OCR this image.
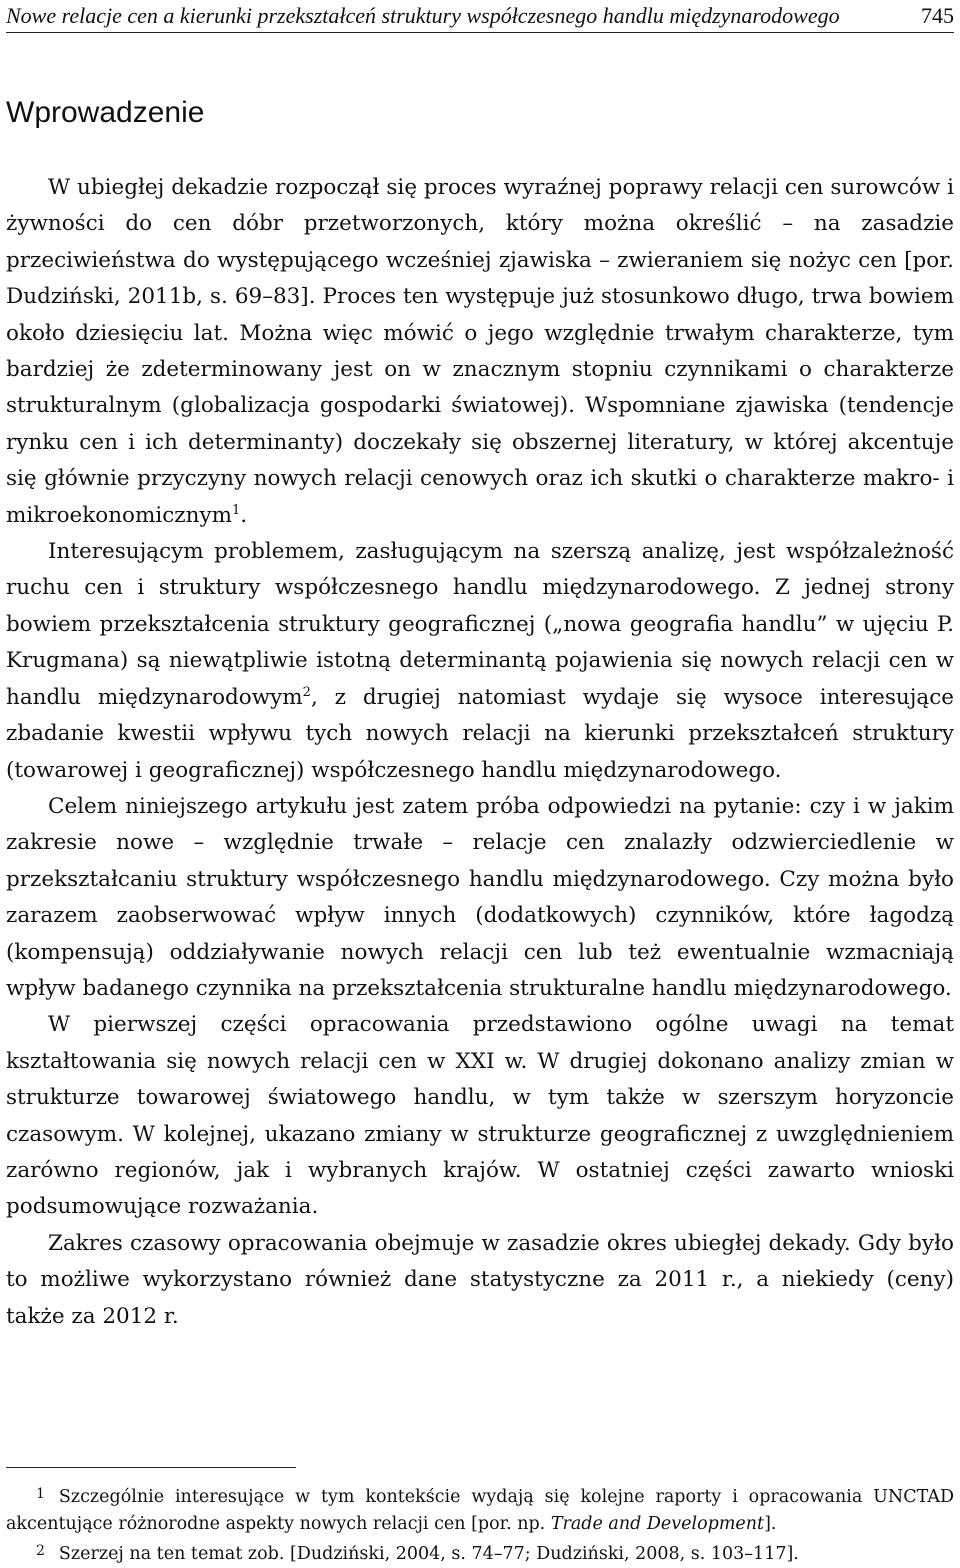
Nowe relacje cen a kierunki przekształceń struktury współczesnego handlu międzynarodowego	745
Wprowadzenie

W ubiegłej dekadzie rozpoczął się proces wyraźnej poprawy relacji cen surowców i żywności do cen dóbr przetworzonych, który można określić – na zasadzie przeciwieństwa do występującego wcześniej zjawiska – zwieraniem się nożyc cen [por. Dudziński, 2011b, s. 69–83]. Proces ten występuje już stosunkowo długo, trwa bowiem około dziesięciu lat. Można więc mówić o jego względnie trwałym charakterze, tym bardziej że zdeterminowany jest on w znacznym stopniu czynnikami o charakterze strukturalnym (globalizacja gospodarki światowej). Wspomniane zjawiska (tendencje rynku cen i ich determinanty) doczekały się obszernej literatury, w której akcentuje się głównie przyczyny nowych relacji cenowych oraz ich skutki o charakterze makro- i mikroekonomicznym$^1$.

Interesującym problemem, zasługującym na szerszą analizę, jest współzależność ruchu cen i struktury współczesnego handlu międzynarodowego. Z jednej strony bowiem przekształcenia struktury geograficznej („nowa geografia handlu” w ujęciu P. Krugmana) są niewątpliwie istotną determinantą pojawienia się nowych relacji cen w handlu międzynarodowym$^2$, z drugiej natomiast wydaje się wysoce interesujące zbadanie kwestii wpływu tych nowych relacji na kierunki przekształceń struktury (towarowej i geograficznej) współczesnego handlu międzynarodowego.

Celem niniejszego artykułu jest zatem próba odpowiedzi na pytanie: czy i w jakim zakresie nowe – względnie trwałe – relacje cen znalazły odzwierciedlenie w przekształcaniu struktury współczesnego handlu międzynarodowego. Czy można było zarazem zaobserwować wpływ innych (dodatkowych) czynników, które łagodzą (kompensują) oddziaływanie nowych relacji cen lub też ewentualnie wzmacniają wpływ badanego czynnika na przekształcenia strukturalne handlu międzynarodowego.

W pierwszej części opracowania przedstawiono ogólne uwagi na temat kształtowania się nowych relacji cen w XXI w. W drugiej dokonano analizy zmian w strukturze towarowej światowego handlu, w tym także w szerszym horyzoncie czasowym. W kolejnej, ukazano zmiany w strukturze geograficznej z uwzględnieniem zarówno regionów, jak i wybranych krajów. W ostatniej części zawarto wnioski podsumowujące rozważania.

Zakres czasowy opracowania obejmuje w zasadzie okres ubiegłej dekady. Gdy było to możliwe wykorzystano również dane statystyczne za 2011 r., a niekiedy (ceny) także za 2012 r.

$^1$ Szczególnie interesujące w tym kontekście wydają się kolejne raporty i opracowania UNCTAD akcentujące różnorodne aspekty nowych relacji cen [por. np. Trade and Development].

$^2$ Szerzej na ten temat zob. [Dudziński, 2004, s. 74–77; Dudziński, 2008, s. 103–117].
